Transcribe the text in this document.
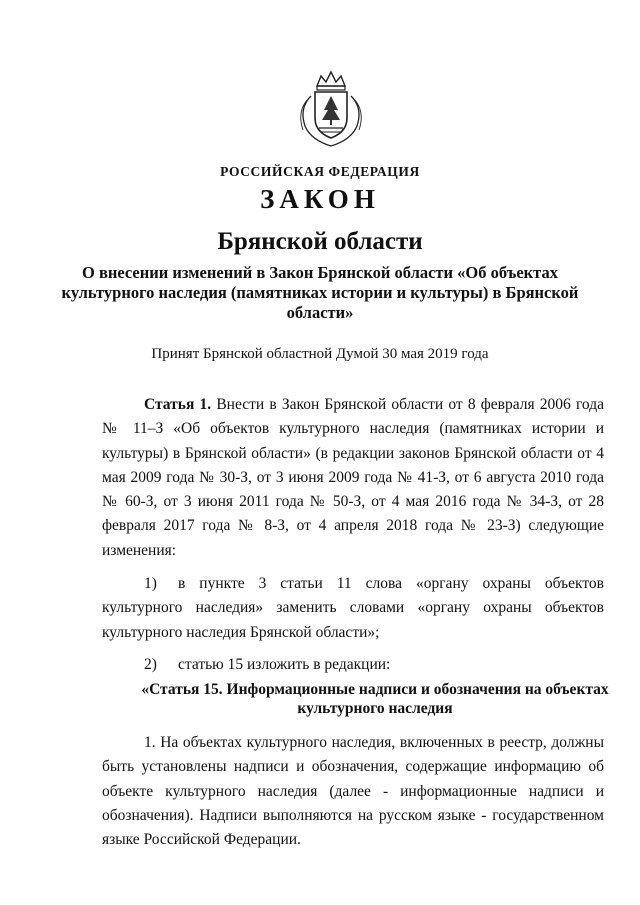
РОССИЙСКАЯ ФЕДЕРАЦИЯ

ЗАКОН

Брянской области

О внесении изменений в Закон Брянской области «Об объектах культурного наследия (памятниках истории и культуры) в Брянской области»

Принят Брянской областной Думой 30 мая 2019 года

Статья 1. Внести в Закон Брянской области от 8 февраля 2006 года № 11–З «Об объектов культурного наследия (памятниках истории и культуры) в Брянской области» (в редакции законов Брянской области от 4 мая 2009 года № 30-З, от 3 июня 2009 года № 41-З, от 6 августа 2010 года № 60-З, от 3 июня 2011 года № 50-З, от 4 мая 2016 года № 34-З, от 28 февраля 2017 года № 8-З, от 4 апреля 2018 года № 23-З) следующие изменения:

1) в пункте 3 статьи 11 слова «органу охраны объектов культурного наследия» заменить словами «органу охраны объектов культурного наследия Брянской области»;

2) статью 15 изложить в редакции:

«Статья 15. Информационные надписи и обозначения на объектах культурного наследия

1. На объектах культурного наследия, включенных в реестр, должны быть установлены надписи и обозначения, содержащие информацию об объекте культурного наследия (далее - информационные надписи и обозначения). Надписи выполняются на русском языке - государственном языке Российской Федерации.
